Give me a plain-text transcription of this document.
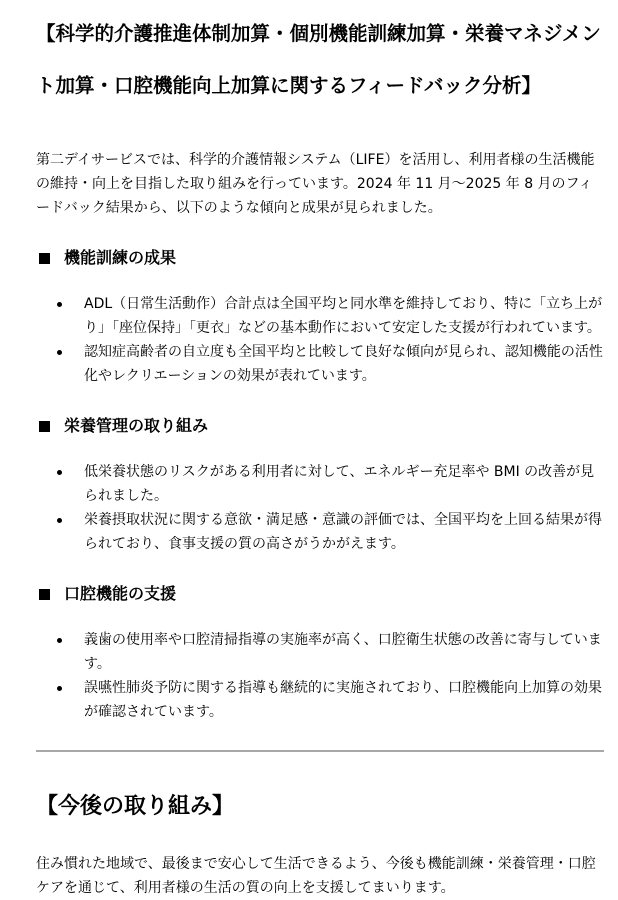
【科学的介護推進体制加算・個別機能訓練加算・栄養マネジメント加算・口腔機能向上加算に関するフィードバック分析】

第二デイサービスでは、科学的介護情報システム（LIFE）を活用し、利用者様の生活機能の維持・向上を目指した取り組みを行っています。2024 年 11 月～2025 年 8 月のフィードバック結果から、以下のような傾向と成果が見られました。

機能訓練の成果
ADL（日常生活動作）合計点は全国平均と同水準を維持しており、特に「立ち上がり」「座位保持」「更衣」などの基本動作において安定した支援が行われています。
認知症高齢者の自立度も全国平均と比較して良好な傾向が見られ、認知機能の活性化やレクリエーションの効果が表れています。
栄養管理の取り組み
低栄養状態のリスクがある利用者に対して、エネルギー充足率や BMI の改善が見られました。
栄養摂取状況に関する意欲・満足感・意識の評価では、全国平均を上回る結果が得られており、食事支援の質の高さがうかがえます。
口腔機能の支援
義歯の使用率や口腔清掃指導の実施率が高く、口腔衛生状態の改善に寄与しています。
誤嚥性肺炎予防に関する指導も継続的に実施されており、口腔機能向上加算の効果が確認されています。
【今後の取り組み】

住み慣れた地域で、最後まで安心して生活できるよう、今後も機能訓練・栄養管理・口腔ケアを通じて、利用者様の生活の質の向上を支援してまいります。
